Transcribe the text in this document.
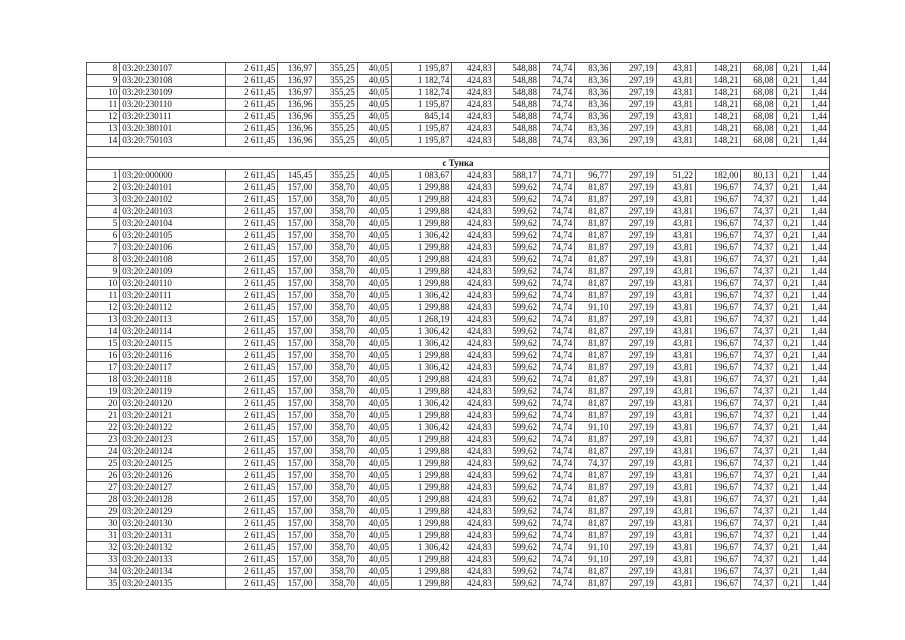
8	03:20:230107	2 611,45	136,97	355,25	40,05	1 195,87	424,83	548,88	74,74	83,36	297,19	43,81	148,21	68,08	0,21	1,44
9	03:20:230108	2 611,45	136,97	355,25	40,05	1 182,74	424,83	548,88	74,74	83,36	297,19	43,81	148,21	68,08	0,21	1,44
10	03:20:230109	2 611,45	136,97	355,25	40,05	1 182,74	424,83	548,88	74,74	83,36	297,19	43,81	148,21	68,08	0,21	1,44
11	03:20:230110	2 611,45	136,96	355,25	40,05	1 195,87	424,83	548,88	74,74	83,36	297,19	43,81	148,21	68,08	0,21	1,44
12	03:20:230111	2 611,45	136,96	355,25	40,05	845,14	424,83	548,88	74,74	83,36	297,19	43,81	148,21	68,08	0,21	1,44
13	03:20:380101	2 611,45	136,96	355,25	40,05	1 195,87	424,83	548,88	74,74	83,36	297,19	43,81	148,21	68,08	0,21	1,44
14	03:20:750103	2 611,45	136,96	355,25	40,05	1 195,87	424,83	548,88	74,74	83,36	297,19	43,81	148,21	68,08	0,21	1,44

с Тунка																
1	03:20:000000	2 611,45	145,45	355,25	40,05	1 083,67	424,83	588,17	74,71	96,77	297,19	51,22	182,00	80,13	0,21	1,44
2	03:20:240101	2 611,45	157,00	358,70	40,05	1 299,88	424,83	599,62	74,74	81,87	297,19	43,81	196,67	74,37	0,21	1,44
3	03:20:240102	2 611,45	157,00	358,70	40,05	1 299,88	424,83	599,62	74,74	81,87	297,19	43,81	196,67	74,37	0,21	1,44
4	03:20:240103	2 611,45	157,00	358,70	40,05	1 299,88	424,83	599,62	74,74	81,87	297,19	43,81	196,67	74,37	0,21	1,44
5	03:20:240104	2 611,45	157,00	358,70	40,05	1 299,88	424,83	599,62	74,74	81,87	297,19	43,81	196,67	74,37	0,21	1,44
6	03:20:240105	2 611,45	157,00	358,70	40,05	1 306,42	424,83	599,62	74,74	81,87	297,19	43,81	196,67	74,37	0,21	1,44
7	03:20:240106	2 611,45	157,00	358,70	40,05	1 299,88	424,83	599,62	74,74	81,87	297,19	43,81	196,67	74,37	0,21	1,44
8	03:20:240108	2 611,45	157,00	358,70	40,05	1 299,88	424,83	599,62	74,74	81,87	297,19	43,81	196,67	74,37	0,21	1,44
9	03:20:240109	2 611,45	157,00	358,70	40,05	1 299,88	424,83	599,62	74,74	81,87	297,19	43,81	196,67	74,37	0,21	1,44
10	03:20:240110	2 611,45	157,00	358,70	40,05	1 299,88	424,83	599,62	74,74	81,87	297,19	43,81	196,67	74,37	0,21	1,44
11	03:20:240111	2 611,45	157,00	358,70	40,05	1 306,42	424,83	599,62	74,74	81,87	297,19	43,81	196,67	74,37	0,21	1,44
12	03:20:240112	2 611,45	157,00	358,70	40,05	1 299,88	424,83	599,62	74,74	91,10	297,19	43,81	196,67	74,37	0,21	1,44
13	03:20:240113	2 611,45	157,00	358,70	40,05	1 268,19	424,83	599,62	74,74	81,87	297,19	43,81	196,67	74,37	0,21	1,44
14	03:20:240114	2 611,45	157,00	358,70	40,05	1 306,42	424,83	599,62	74,74	81,87	297,19	43,81	196,67	74,37	0,21	1,44
15	03:20:240115	2 611,45	157,00	358,70	40,05	1 306,42	424,83	599,62	74,74	81,87	297,19	43,81	196,67	74,37	0,21	1,44
16	03:20:240116	2 611,45	157,00	358,70	40,05	1 299,88	424,83	599,62	74,74	81,87	297,19	43,81	196,67	74,37	0,21	1,44
17	03:20:240117	2 611,45	157,00	358,70	40,05	1 306,42	424,83	599,62	74,74	81,87	297,19	43,81	196,67	74,37	0,21	1,44
18	03:20:240118	2 611,45	157,00	358,70	40,05	1 299,88	424,83	599,62	74,74	81,87	297,19	43,81	196,67	74,37	0,21	1,44
19	03:20:240119	2 611,45	157,00	358,70	40,05	1 299,88	424,83	599,62	74,74	81,87	297,19	43,81	196,67	74,37	0,21	1,44
20	03:20:240120	2 611,45	157,00	358,70	40,05	1 306,42	424,83	599,62	74,74	81,87	297,19	43,81	196,67	74,37	0,21	1,44
21	03:20:240121	2 611,45	157,00	358,70	40,05	1 299,88	424,83	599,62	74,74	81,87	297,19	43,81	196,67	74,37	0,21	1,44
22	03:20:240122	2 611,45	157,00	358,70	40,05	1 306,42	424,83	599,62	74,74	91,10	297,19	43,81	196,67	74,37	0,21	1,44
23	03:20:240123	2 611,45	157,00	358,70	40,05	1 299,88	424,83	599,62	74,74	81,87	297,19	43,81	196,67	74,37	0,21	1,44
24	03:20:240124	2 611,45	157,00	358,70	40,05	1 299,88	424,83	599,62	74,74	81,87	297,19	43,81	196,67	74,37	0,21	1,44
25	03:20:240125	2 611,45	157,00	358,70	40,05	1 299,88	424,83	599,62	74,74	74,37	297,19	43,81	196,67	74,37	0,21	1,44
26	03:20:240126	2 611,45	157,00	358,70	40,05	1 299,88	424,83	599,62	74,74	81,87	297,19	43,81	196,67	74,37	0,21	1,44
27	03:20:240127	2 611,45	157,00	358,70	40,05	1 299,88	424,83	599,62	74,74	81,87	297,19	43,81	196,67	74,37	0,21	1,44
28	03:20:240128	2 611,45	157,00	358,70	40,05	1 299,88	424,83	599,62	74,74	81,87	297,19	43,81	196,67	74,37	0,21	1,44
29	03:20:240129	2 611,45	157,00	358,70	40,05	1 299,88	424,83	599,62	74,74	81,87	297,19	43,81	196,67	74,37	0,21	1,44
30	03:20:240130	2 611,45	157,00	358,70	40,05	1 299,88	424,83	599,62	74,74	81,87	297,19	43,81	196,67	74,37	0,21	1,44
31	03:20:240131	2 611,45	157,00	358,70	40,05	1 299,88	424,83	599,62	74,74	81,87	297,19	43,81	196,67	74,37	0,21	1,44
32	03:20:240132	2 611,45	157,00	358,70	40,05	1 306,42	424,83	599,62	74,74	91,10	297,19	43,81	196,67	74,37	0,21	1,44
33	03:20:240133	2 611,45	157,00	358,70	40,05	1 299,88	424,83	599,62	74,74	91,10	297,19	43,81	196,67	74,37	0,21	1,44
34	03:20:240134	2 611,45	157,00	358,70	40,05	1 299,88	424,83	599,62	74,74	81,87	297,19	43,81	196,67	74,37	0,21	1,44
35	03:20:240135	2 611,45	157,00	358,70	40,05	1 299,88	424,83	599,62	74,74	81,87	297,19	43,81	196,67	74,37	0,21	1,44
